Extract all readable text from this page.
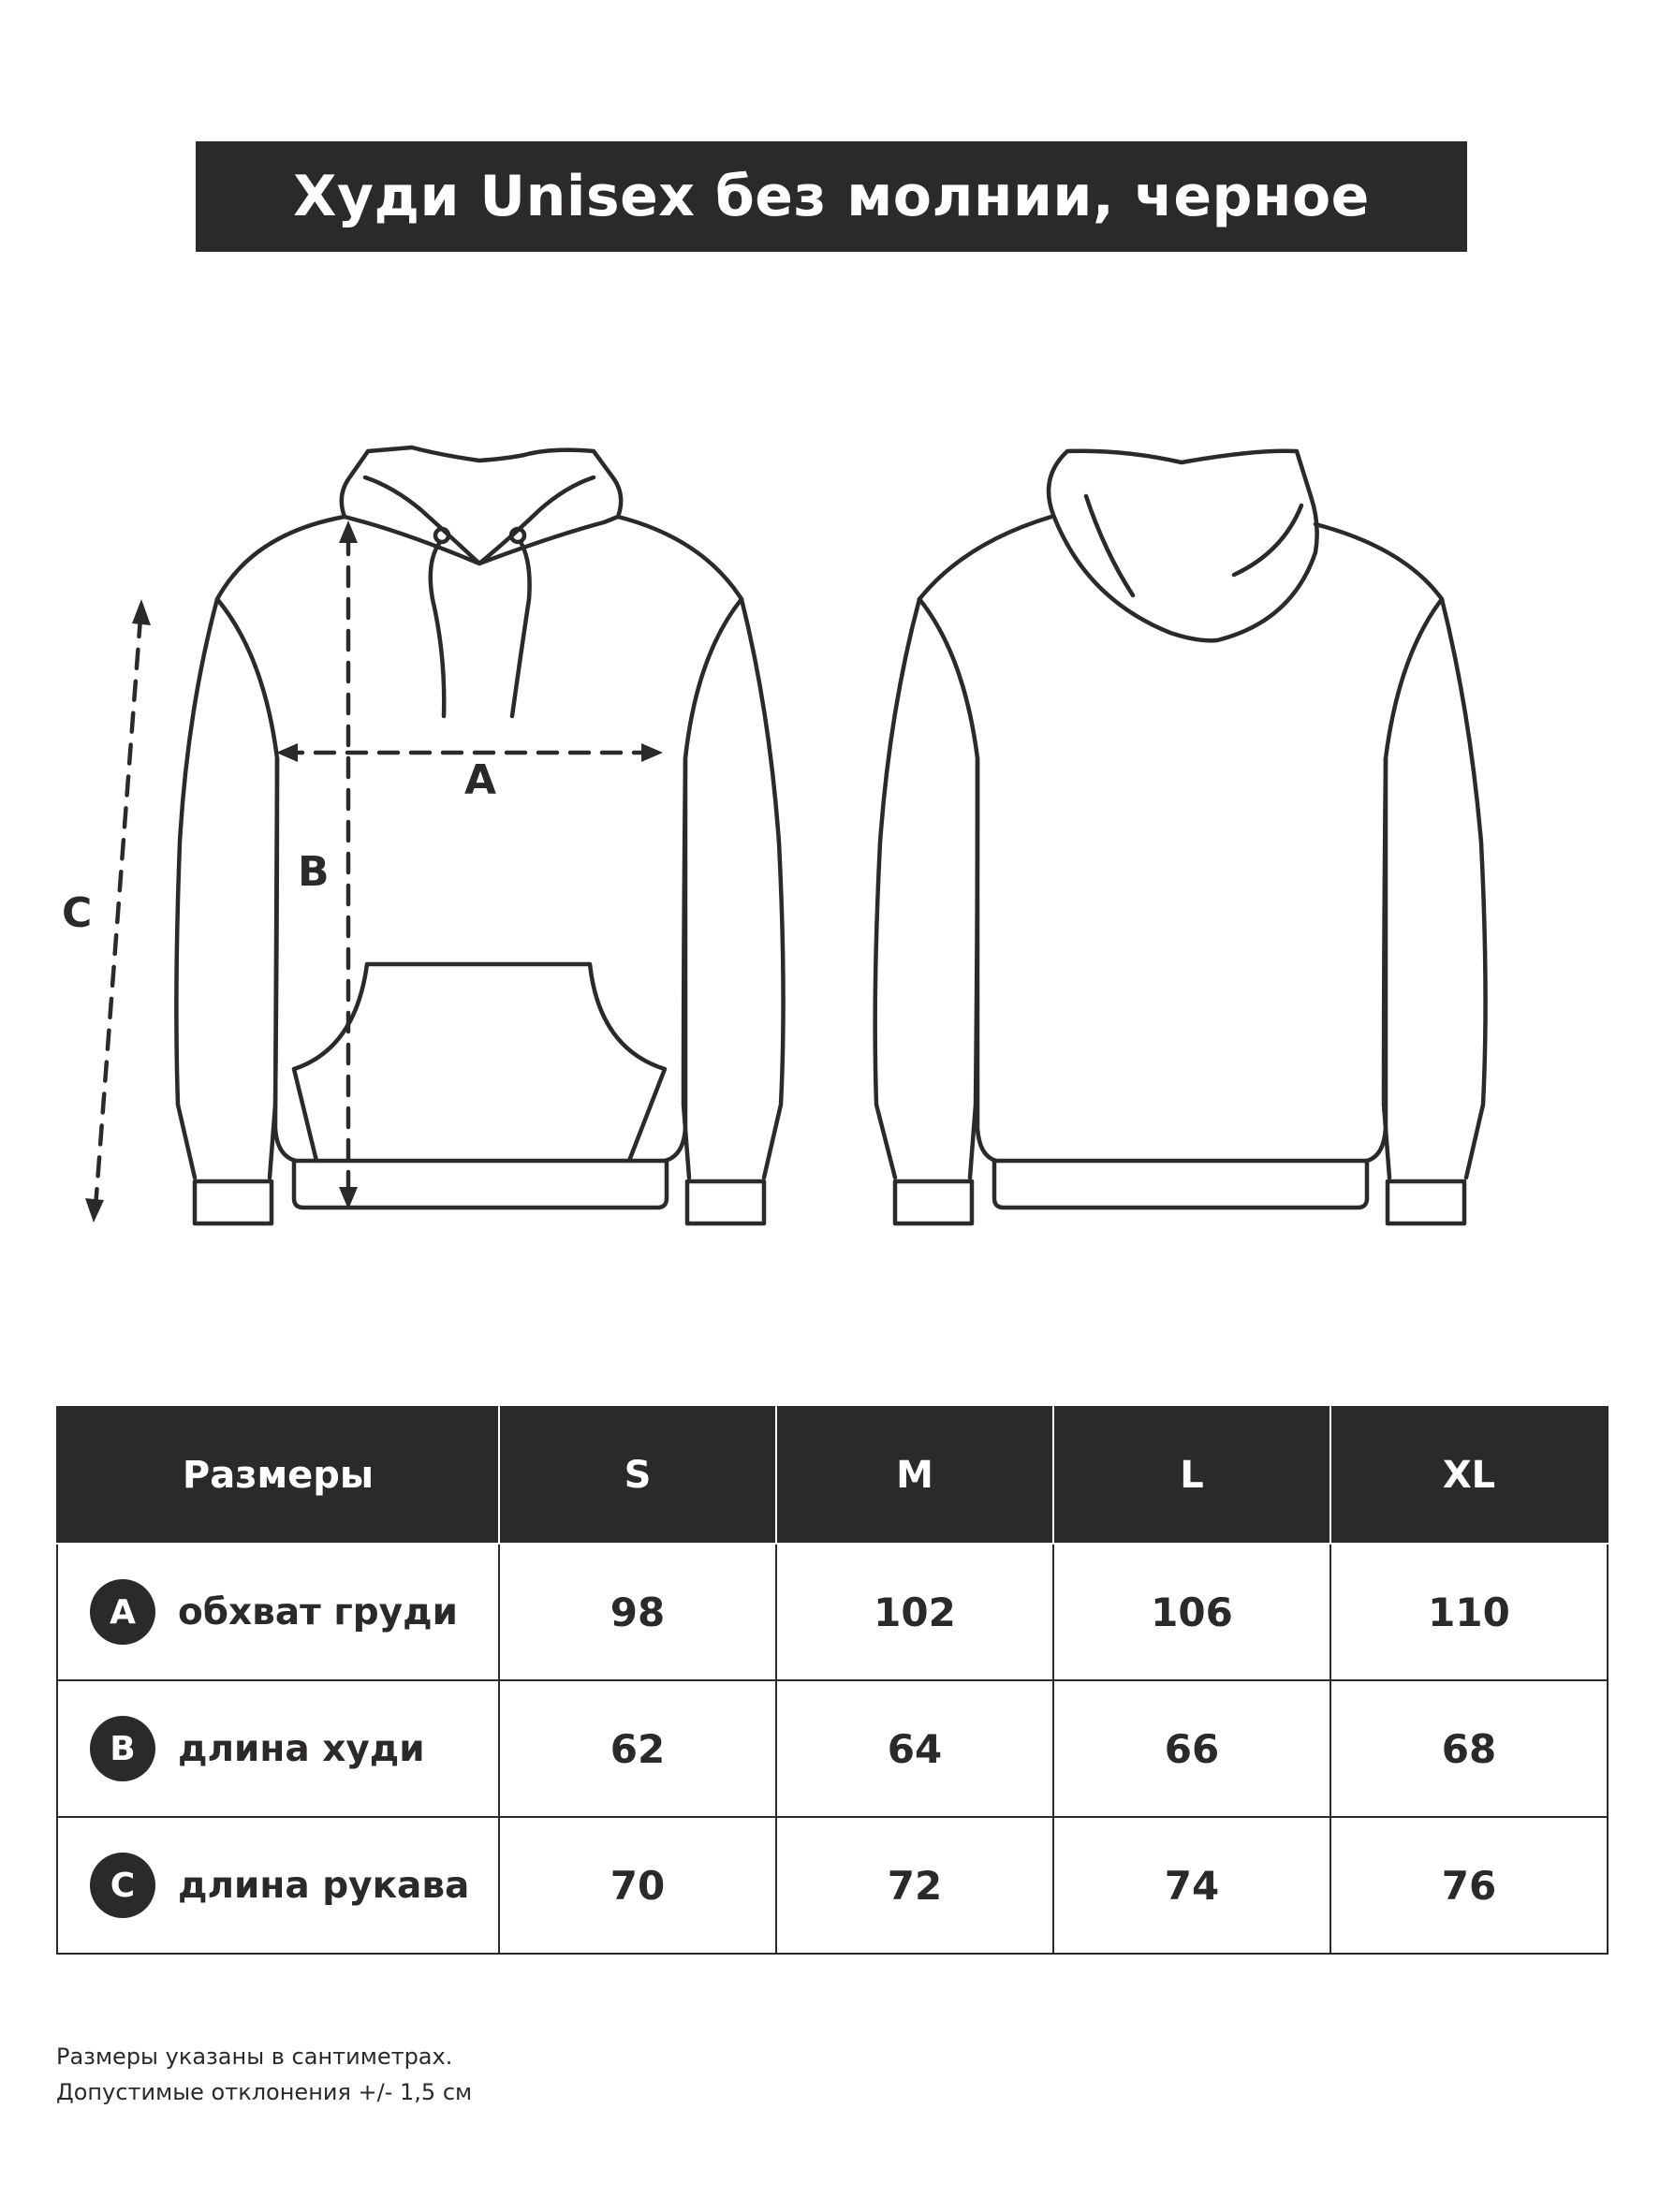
Худи Unisex без молнии, черное
A
B
C
Размеры	S	M	L	XL

A обхват груди	98	102	106	110

B длина худи	62	64	66	68

C длина рукава	70	72	74	76
Размеры указаны в сантиметрах.
Допустимые отклонения +/- 1,5 см
